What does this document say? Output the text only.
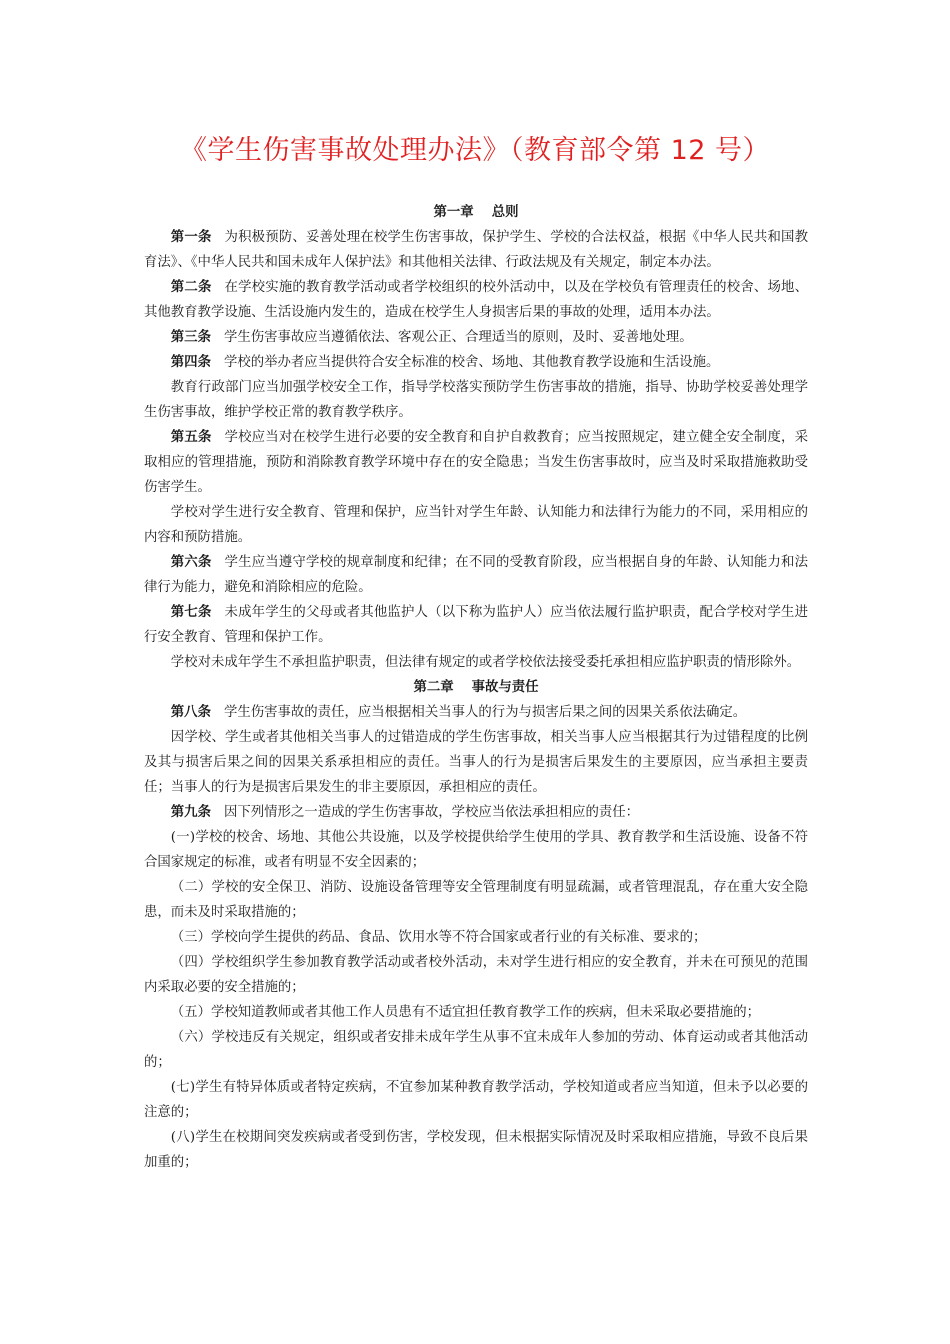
《学生伤害事故处理办法》（教育部令第 12 号）
第一章 总则

第一条 为积极预防、妥善处理在校学生伤害事故，保护学生、学校的合法权益，根据《中华人民共和国教育法》、《中华人民共和国未成年人保护法》和其他相关法律、行政法规及有关规定，制定本办法。

第二条 在学校实施的教育教学活动或者学校组织的校外活动中，以及在学校负有管理责任的校舍、场地、其他教育教学设施、生活设施内发生的，造成在校学生人身损害后果的事故的处理，适用本办法。

第三条 学生伤害事故应当遵循依法、客观公正、合理适当的原则，及时、妥善地处理。

第四条 学校的举办者应当提供符合安全标准的校舍、场地、其他教育教学设施和生活设施。

教育行政部门应当加强学校安全工作，指导学校落实预防学生伤害事故的措施，指导、协助学校妥善处理学生伤害事故，维护学校正常的教育教学秩序。

第五条 学校应当对在校学生进行必要的安全教育和自护自救教育；应当按照规定，建立健全安全制度，采取相应的管理措施，预防和消除教育教学环境中存在的安全隐患；当发生伤害事故时，应当及时采取措施救助受伤害学生。

学校对学生进行安全教育、管理和保护，应当针对学生年龄、认知能力和法律行为能力的不同，采用相应的内容和预防措施。

第六条 学生应当遵守学校的规章制度和纪律；在不同的受教育阶段，应当根据自身的年龄、认知能力和法律行为能力，避免和消除相应的危险。

第七条 未成年学生的父母或者其他监护人（以下称为监护人）应当依法履行监护职责，配合学校对学生进行安全教育、管理和保护工作。

学校对未成年学生不承担监护职责，但法律有规定的或者学校依法接受委托承担相应监护职责的情形除外。

第二章 事故与责任

第八条 学生伤害事故的责任，应当根据相关当事人的行为与损害后果之间的因果关系依法确定。

因学校、学生或者其他相关当事人的过错造成的学生伤害事故，相关当事人应当根据其行为过错程度的比例及其与损害后果之间的因果关系承担相应的责任。当事人的行为是损害后果发生的主要原因，应当承担主要责任；当事人的行为是损害后果发生的非主要原因，承担相应的责任。

第九条 因下列情形之一造成的学生伤害事故，学校应当依法承担相应的责任：

(一)学校的校舍、场地、其他公共设施，以及学校提供给学生使用的学具、教育教学和生活设施、设备不符合国家规定的标准，或者有明显不安全因素的；

（二）学校的安全保卫、消防、设施设备管理等安全管理制度有明显疏漏，或者管理混乱，存在重大安全隐患，而未及时采取措施的；

（三）学校向学生提供的药品、食品、饮用水等不符合国家或者行业的有关标准、要求的；

（四）学校组织学生参加教育教学活动或者校外活动，未对学生进行相应的安全教育，并未在可预见的范围内采取必要的安全措施的；

（五）学校知道教师或者其他工作人员患有不适宜担任教育教学工作的疾病，但未采取必要措施的；

（六）学校违反有关规定，组织或者安排未成年学生从事不宜未成年人参加的劳动、体育运动或者其他活动的；

(七)学生有特异体质或者特定疾病，不宜参加某种教育教学活动，学校知道或者应当知道，但未予以必要的注意的；

(八)学生在校期间突发疾病或者受到伤害，学校发现，但未根据实际情况及时采取相应措施，导致不良后果加重的；
